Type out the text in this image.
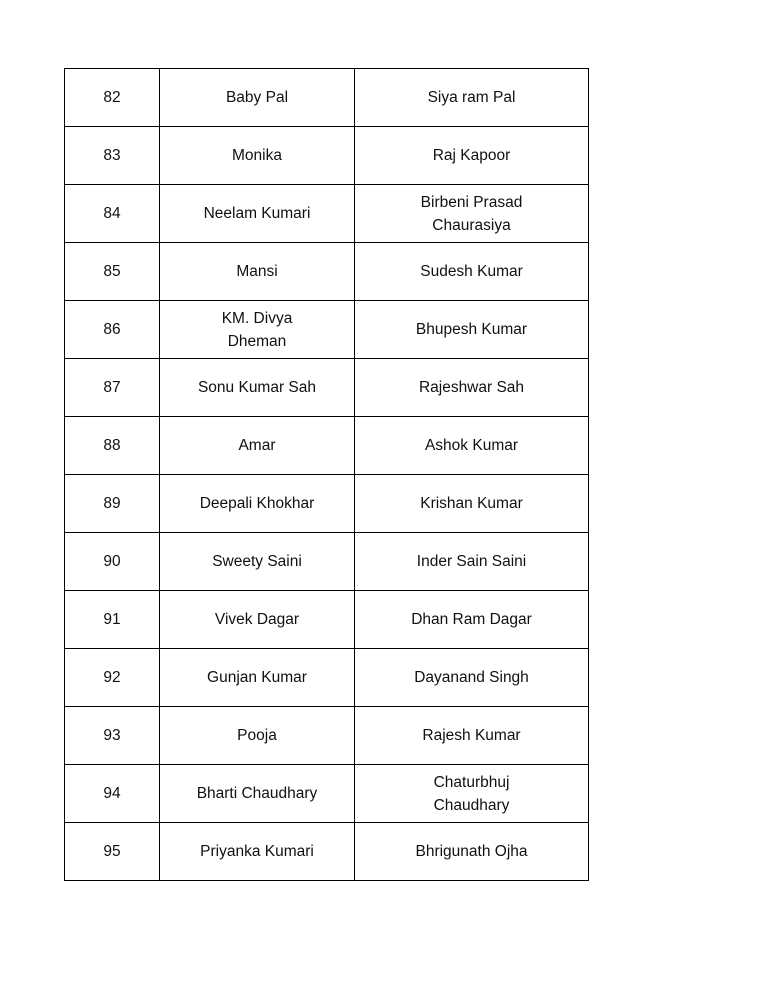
82	Baby Pal	Siya ram Pal
83	Monika	Raj Kapoor
84	Neelam Kumari	Birbeni Prasad Chaurasiya
85	Mansi	Sudesh Kumar
86	KM. Divya Dheman	Bhupesh Kumar
87	Sonu Kumar Sah	Rajeshwar Sah
88	Amar	Ashok Kumar
89	Deepali Khokhar	Krishan Kumar
90	Sweety Saini	Inder Sain Saini
91	Vivek Dagar	Dhan Ram Dagar
92	Gunjan Kumar	Dayanand Singh
93	Pooja	Rajesh Kumar
94	Bharti Chaudhary	Chaturbhuj Chaudhary
95	Priyanka Kumari	Bhrigunath Ojha
